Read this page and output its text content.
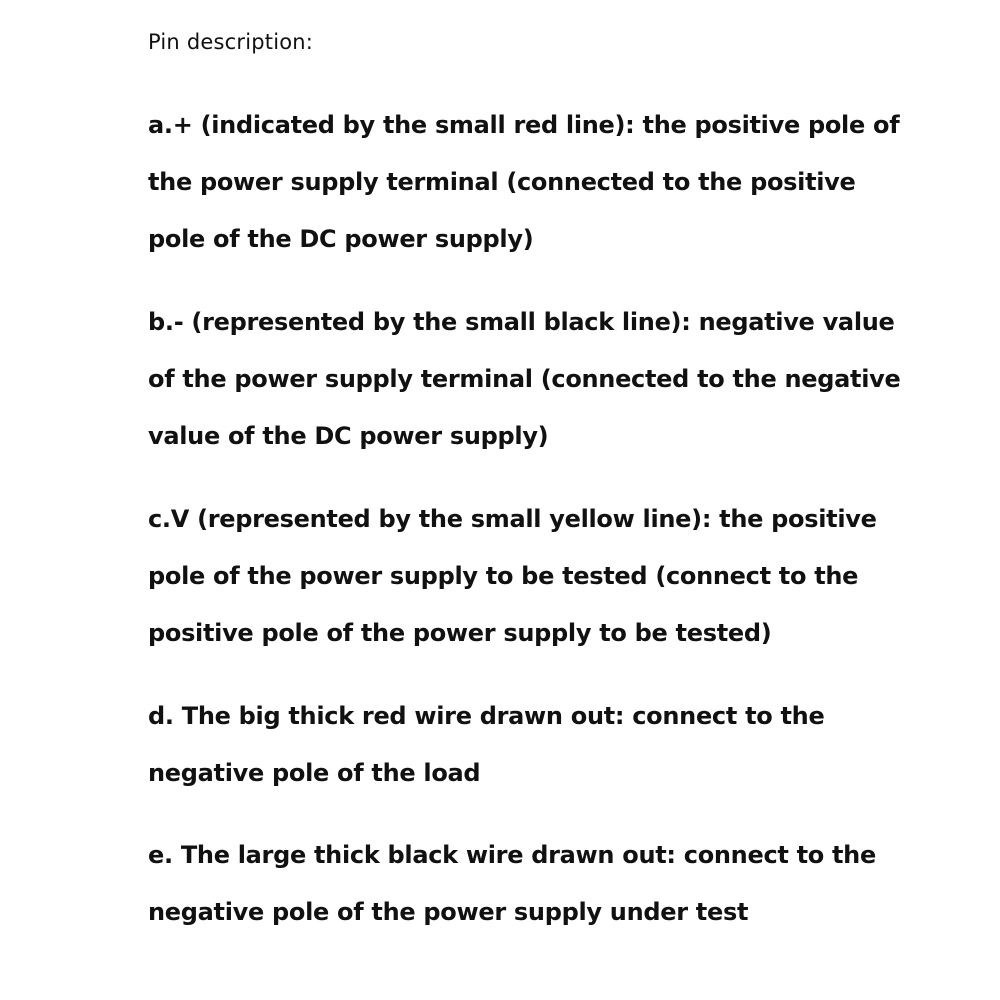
Pin description:
a.+ (indicated by the small red line): the positive pole of
the power supply terminal (connected to the positive
pole of the DC power supply)
b.- (represented by the small black line): negative value
of the power supply terminal (connected to the negative
value of the DC power supply)
c.V (represented by the small yellow line): the positive
pole of the power supply to be tested (connect to the
positive pole of the power supply to be tested)
d. The big thick red wire drawn out: connect to the
negative pole of the load
e. The large thick black wire drawn out: connect to the
negative pole of the power supply under test
